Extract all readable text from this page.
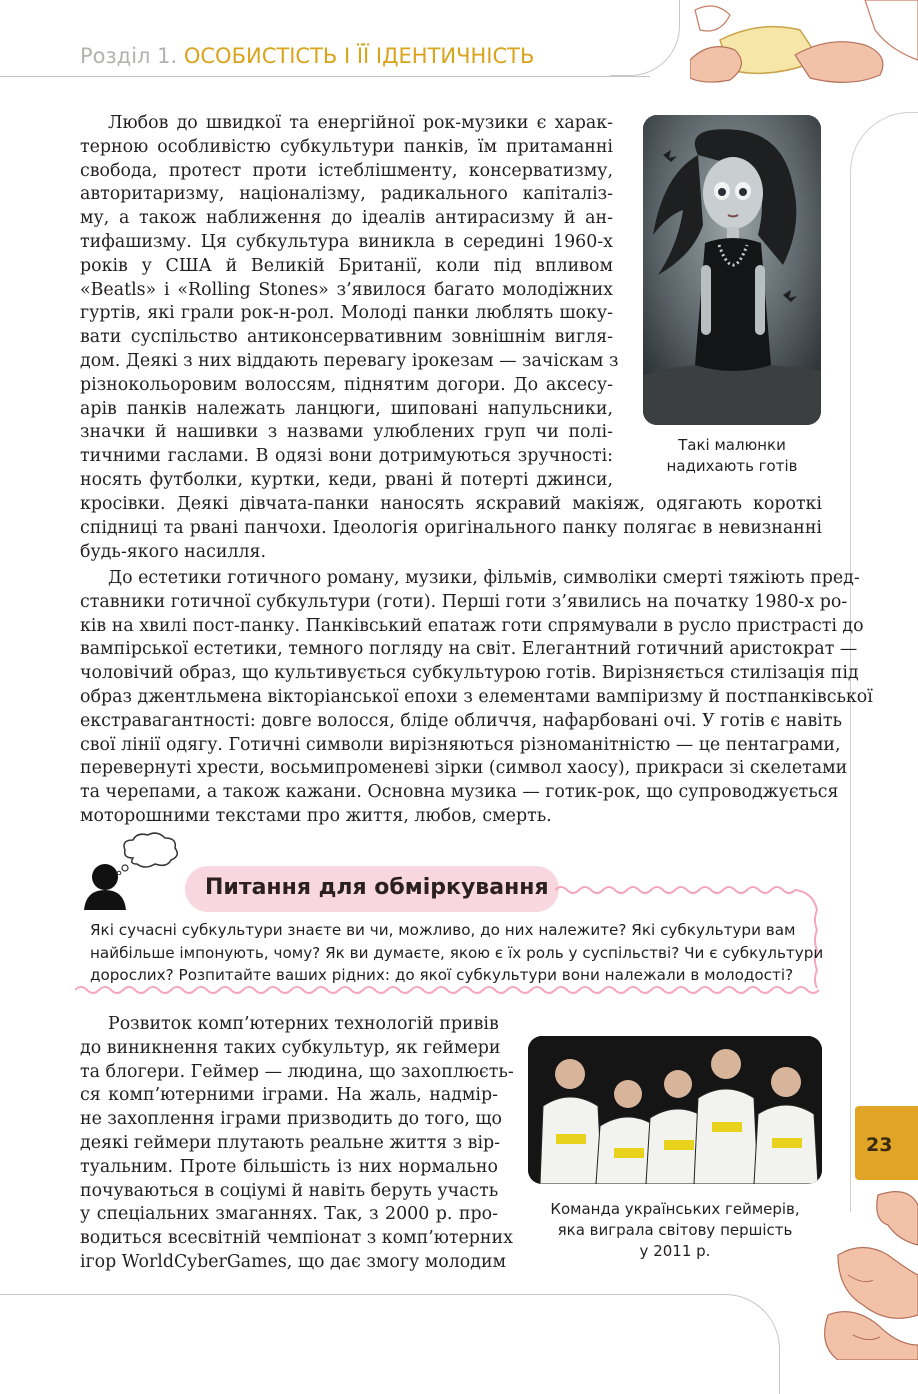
Розділ 1. ОСОБИСТІСТЬ І ЇЇ ІДЕНТИЧНІСТЬ
23
Любов до швидкої та енергійної рок-музики є харак-
терною особливістю субкультури панків, їм притаманні
свобода, протест проти істеблішменту, консерватизму,
авторитаризму, націоналізму, радикального капіталіз-
му, а також наближення до ідеалів антирасизму й ан-
тифашизму. Ця субкультура виникла в середині 1960-х
років у США й Великій Британії, коли під впливом
«Beatls» і «Rolling Stones» з’явилося багато молодіжних
гуртів, які грали рок-н-рол. Молоді панки люблять шоку-
вати суспільство антиконсервативним зовнішнім вигля-
дом. Деякі з них віддають перевагу ірокезам — зачіскам з
різнокольоровим волоссям, піднятим догори. До аксесу-
арів панків належать ланцюги, шиповані напульсники,
значки й нашивки з назвами улюблених груп чи полі-
тичними гаслами. В одязі вони дотримуються зручності:
носять футболки, куртки, кеди, рвані й потерті джинси,
кросівки. Деякі дівчата-панки наносять яскравий макіяж, одягають короткі
спідниці та рвані панчохи. Ідеологія оригінального панку полягає в невизнанні
будь-якого насилля.
До естетики готичного роману, музики, фільмів, символіки смерті тяжіють пред-
ставники готичної субкультури (готи). Перші готи з’явились на початку 1980-х ро-
ків на хвилі пост-панку. Панківський епатаж готи спрямували в русло пристрасті до
вампірської естетики, темного погляду на світ. Елегантний готичний аристократ —
чоловічий образ, що культивується субкультурою готів. Вирізняється стилізація під
образ джентльмена вікторіанської епохи з елементами вампіризму й постпанківської
екстравагантності: довге волосся, бліде обличчя, нафарбовані очі. У готів є навіть
свої лінії одягу. Готичні символи вирізняються різноманітністю — це пентаграми,
перевернуті хрести, восьмипроменеві зірки (символ хаосу), прикраси зі скелетами
та черепами, а також кажани. Основна музика — готик-рок, що супроводжується
моторошними текстами про життя, любов, смерть.
Такі малюнки
надихають готів
Питання для обміркування
Які сучасні субкультури знаєте ви чи, можливо, до них належите? Які субкультури вам
найбільше імпонують, чому? Як ви думаєте, якою є їх роль у суспільстві? Чи є субкультури
дорослих? Розпитайте ваших рідних: до якої субкультури вони належали в молодості?
Розвиток комп’ютерних технологій привів
до виникнення таких субкультур, як геймери
та блогери. Геймер — людина, що захоплюєть-
ся комп’ютерними іграми. На жаль, надмір-
не захоплення іграми призводить до того, що
деякі геймери плутають реальне життя з вір-
туальним. Проте більшість із них нормально
почуваються в соціумі й навіть беруть участь
у спеціальних змаганнях. Так, з 2000 р. про-
водиться всесвітній чемпіонат з комп’ютерних
ігор WorldCyberGames, що дає змогу молодим
Команда українських геймерів,
яка виграла світову першість
у 2011 р.
